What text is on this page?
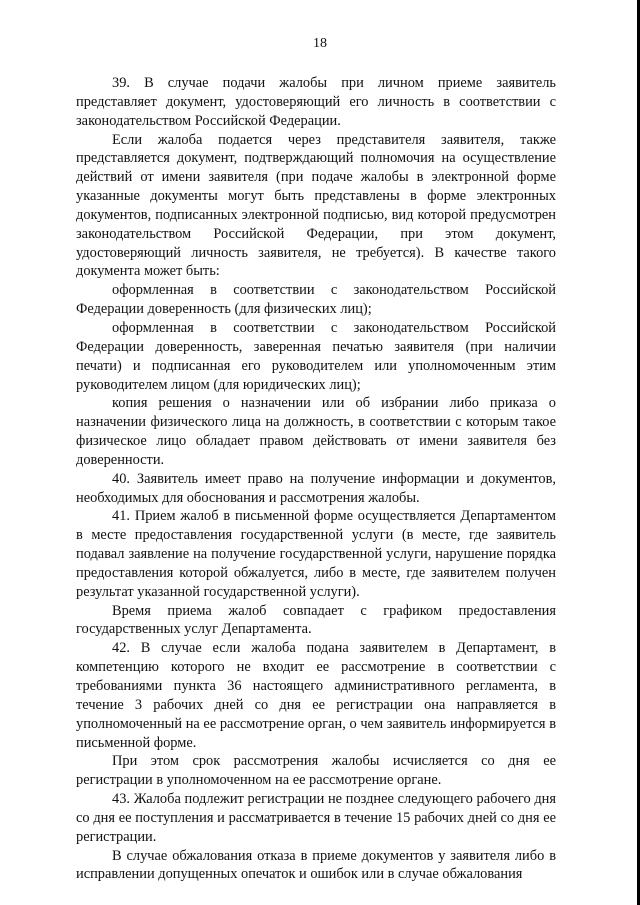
18

39. В случае подачи жалобы при личном приеме заявитель представляет документ, удостоверяющий его личность в соответствии с законодательством Российской Федерации.

Если жалоба подается через представителя заявителя, также представляется документ, подтверждающий полномочия на осуществление действий от имени заявителя (при подаче жалобы в электронной форме указанные документы могут быть представлены в форме электронных документов, подписанных электронной подписью, вид которой предусмотрен законодательством Российской Федерации, при этом документ, удостоверяющий личность заявителя, не требуется). В качестве такого документа может быть:

оформленная в соответствии с законодательством Российской Федерации доверенность (для физических лиц);

оформленная в соответствии с законодательством Российской Федерации доверенность, заверенная печатью заявителя (при наличии печати) и подписанная его руководителем или уполномоченным этим руководителем лицом (для юридических лиц);

копия решения о назначении или об избрании либо приказа о назначении физического лица на должность, в соответствии с которым такое физическое лицо обладает правом действовать от имени заявителя без доверенности.

40. Заявитель имеет право на получение информации и документов, необходимых для обоснования и рассмотрения жалобы.

41. Прием жалоб в письменной форме осуществляется Департаментом в месте предоставления государственной услуги (в месте, где заявитель подавал заявление на получение государственной услуги, нарушение порядка предоставления которой обжалуется, либо в месте, где заявителем получен результат указанной государственной услуги).

Время приема жалоб совпадает с графиком предоставления государственных услуг Департамента.

42. В случае если жалоба подана заявителем в Департамент, в компетенцию которого не входит ее рассмотрение в соответствии с требованиями пункта 36 настоящего административного регламента, в течение 3 рабочих дней со дня ее регистрации она направляется в уполномоченный на ее рассмотрение орган, о чем заявитель информируется в письменной форме.

При этом срок рассмотрения жалобы исчисляется со дня ее регистрации в уполномоченном на ее рассмотрение органе.

43. Жалоба подлежит регистрации не позднее следующего рабочего дня со дня ее поступления и рассматривается в течение 15 рабочих дней со дня ее регистрации.

В случае обжалования отказа в приеме документов у заявителя либо в исправлении допущенных опечаток и ошибок или в случае обжалования
